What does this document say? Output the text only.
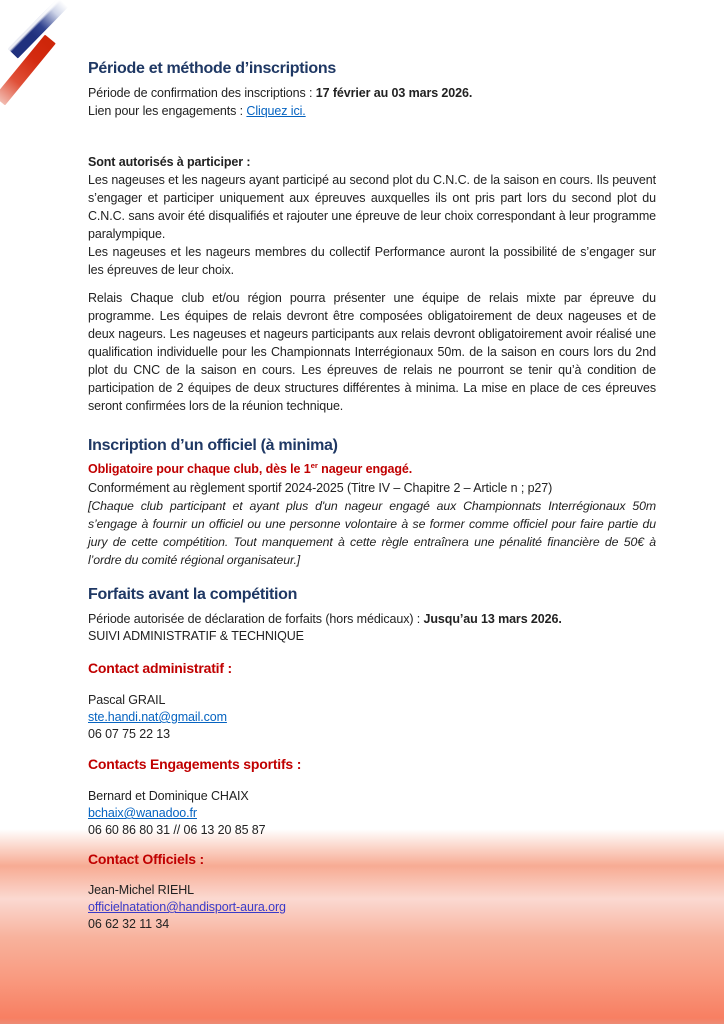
Période et méthode d’inscriptions

Période de confirmation des inscriptions : 17 février au 03 mars 2026.

Lien pour les engagements : Cliquez ici.

Sont autorisés à participer :

Les nageuses et les nageurs ayant participé au second plot du C.N.C. de la saison en cours. Ils peuvent s’engager et participer uniquement aux épreuves auxquelles ils ont pris part lors du second plot du C.N.C. sans avoir été disqualifiés et rajouter une épreuve de leur choix correspondant à leur programme paralympique.

Les nageuses et les nageurs membres du collectif Performance auront la possibilité de s’engager sur les épreuves de leur choix.

Relais Chaque club et/ou région pourra présenter une équipe de relais mixte par épreuve du programme. Les équipes de relais devront être composées obligatoirement de deux nageuses et de deux nageurs. Les nageuses et nageurs participants aux relais devront obligatoirement avoir réalisé une qualification individuelle pour les Championnats Interrégionaux 50m. de la saison en cours lors du 2nd plot du CNC de la saison en cours. Les épreuves de relais ne pourront se tenir qu’à condition de participation de 2 équipes de deux structures différentes à minima. La mise en place de ces épreuves seront confirmées lors de la réunion technique.

Inscription d’un officiel (à minima)

Obligatoire pour chaque club, dès le 1er nageur engagé.

Conformément au règlement sportif 2024-2025 (Titre IV – Chapitre 2 – Article n ; p27)

[Chaque club participant et ayant plus d'un nageur engagé aux Championnats Interrégionaux 50m s’engage à fournir un officiel ou une personne volontaire à se former comme officiel pour faire partie du jury de cette compétition. Tout manquement à cette règle entraînera une pénalité financière de 50€ à l’ordre du comité régional organisateur.]

Forfaits avant la compétition

Période autorisée de déclaration de forfaits (hors médicaux) : Jusqu’au 13 mars 2026.

SUIVI ADMINISTRATIF & TECHNIQUE

Contact administratif :

Pascal GRAIL

ste.handi.nat@gmail.com

06 07 75 22 13

Contacts Engagements sportifs :

Bernard et Dominique CHAIX

bchaix@wanadoo.fr

06 60 86 80 31 // 06 13 20 85 87

Contact Officiels :

Jean-Michel RIEHL

officielnatation@handisport-aura.org

06 62 32 11 34
